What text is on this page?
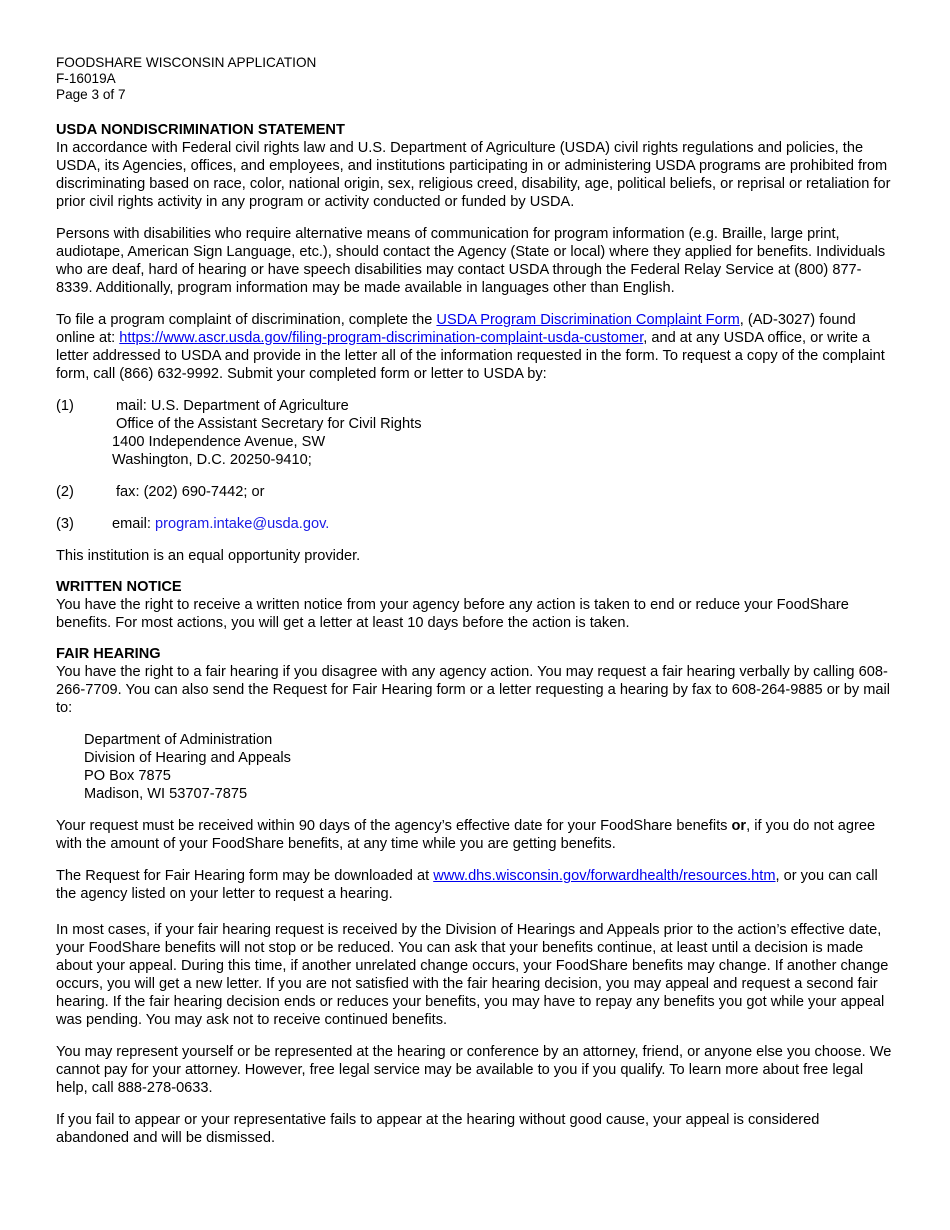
FOODSHARE WISCONSIN APPLICATION
F-16019A
Page 3 of 7
USDA NONDISCRIMINATION STATEMENT

In accordance with Federal civil rights law and U.S. Department of Agriculture (USDA) civil rights regulations and policies, the USDA, its Agencies, offices, and employees, and institutions participating in or administering USDA programs are prohibited from discriminating based on race, color, national origin, sex, religious creed, disability, age, political beliefs, or reprisal or retaliation for prior civil rights activity in any program or activity conducted or funded by USDA.

Persons with disabilities who require alternative means of communication for program information (e.g. Braille, large print, audiotape, American Sign Language, etc.), should contact the Agency (State or local) where they applied for benefits. Individuals who are deaf, hard of hearing or have speech disabilities may contact USDA through the Federal Relay Service at (800) 877-8339. Additionally, program information may be made available in languages other than English.

To file a program complaint of discrimination, complete the USDA Program Discrimination Complaint Form, (AD-3027) found online at: https://www.ascr.usda.gov/filing-program-discrimination-complaint-usda-customer, and at any USDA office, or write a letter addressed to USDA and provide in the letter all of the information requested in the form. To request a copy of the complaint form, call (866) 632-9992. Submit your completed form or letter to USDA by:

(1)	mail: U.S. Department of Agriculture
Office of the Assistant Secretary for Civil Rights
1400 Independence Avenue, SW
Washington, D.C. 20250-9410;
(2)	fax: (202) 690-7442; or
(3)	email: program.intake@usda.gov.

This institution is an equal opportunity provider.

WRITTEN NOTICE

You have the right to receive a written notice from your agency before any action is taken to end or reduce your FoodShare benefits. For most actions, you will get a letter at least 10 days before the action is taken.

FAIR HEARING

You have the right to a fair hearing if you disagree with any agency action. You may request a fair hearing verbally by calling 608-266-7709. You can also send the Request for Fair Hearing form or a letter requesting a hearing by fax to 608-264-9885 or by mail to:

Department of Administration
Division of Hearing and Appeals
PO Box 7875
Madison, WI 53707-7875

Your request must be received within 90 days of the agency’s effective date for your FoodShare benefits or, if you do not agree with the amount of your FoodShare benefits, at any time while you are getting benefits.

The Request for Fair Hearing form may be downloaded at www.dhs.wisconsin.gov/forwardhealth/resources.htm, or you can call the agency listed on your letter to request a hearing.

In most cases, if your fair hearing request is received by the Division of Hearings and Appeals prior to the action’s effective date, your FoodShare benefits will not stop or be reduced. You can ask that your benefits continue, at least until a decision is made about your appeal. During this time, if another unrelated change occurs, your FoodShare benefits may change. If another change occurs, you will get a new letter. If you are not satisfied with the fair hearing decision, you may appeal and request a second fair hearing. If the fair hearing decision ends or reduces your benefits, you may have to repay any benefits you got while your appeal was pending. You may ask not to receive continued benefits.

You may represent yourself or be represented at the hearing or conference by an attorney, friend, or anyone else you choose. We cannot pay for your attorney. However, free legal service may be available to you if you qualify. To learn more about free legal help, call 888-278-0633.

If you fail to appear or your representative fails to appear at the hearing without good cause, your appeal is considered abandoned and will be dismissed.
